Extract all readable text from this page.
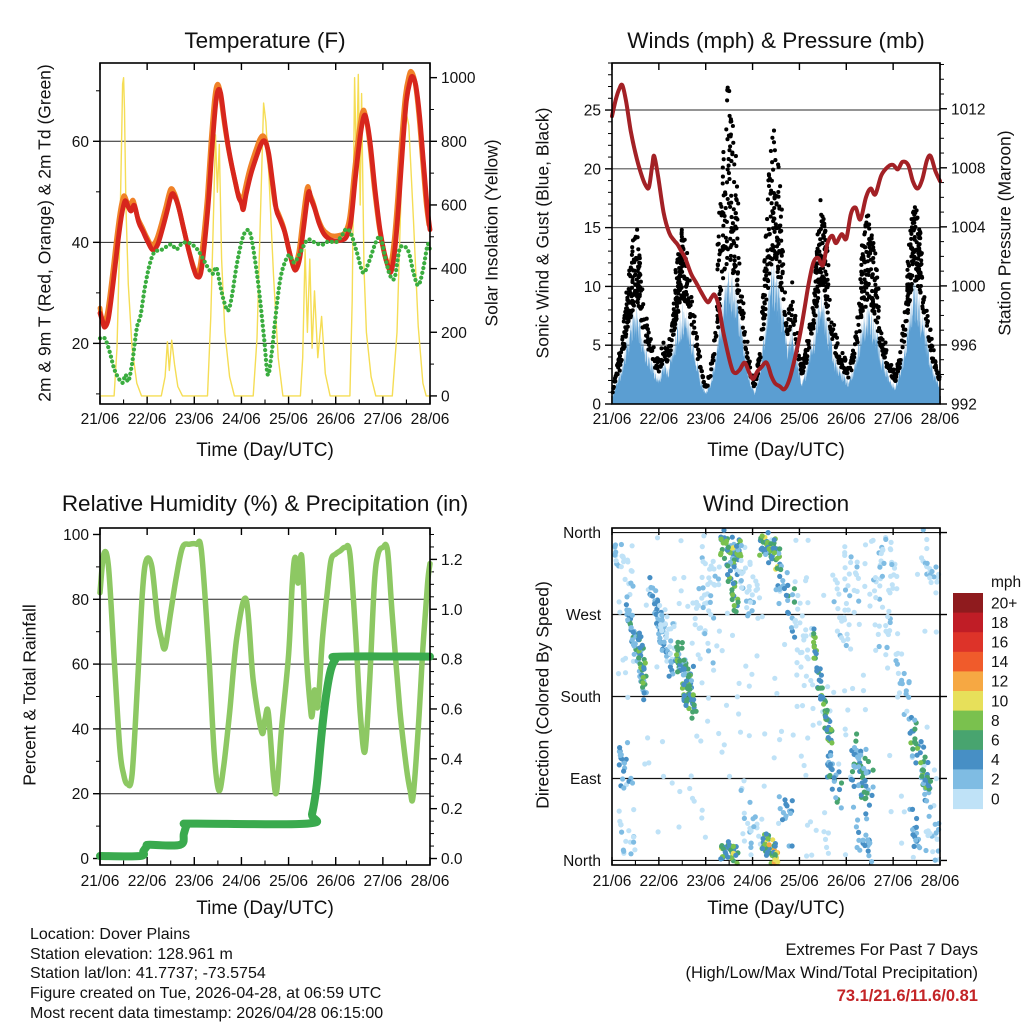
0
200
400
600
800
1000
20
40
60
21/06 22/06 23/06 24/06 25/06 26/06 27/06 28/06
992
996
1000
1004
1008
1012
0
5
10
15
20
25
21/06 22/06 23/06 24/06 25/06 26/06 27/06 28/06
0.0
0.2
0.4
0.6
0.8
1.0
1.2
0
20
40
60
80
100
21/06 22/06 23/06 24/06 25/06 26/06 27/06 28/06
North
West
South
East
North
21/06 22/06 23/06 24/06 25/06 26/06 27/06 28/06
20+
18
16
14
12
10
8
6
4
2
0
Temperature (F)	Winds (mph) & Pressure (mb)
Relative Humidity (%) & Precipitation (in)	Wind Direction
2m & 9m T (Red, Orange) & 2m Td (Green)	Solar Insolation (Yellow) Sonic Wind & Gust (Blue, Black)	Station Pressure (Maroon)
Percent & Total Rainfall	Direction (Colored By Speed)
Time (Day/UTC)	Time (Day/UTC)
Time (Day/UTC)	Time (Day/UTC)
mph
Location: Dover Plains
Station elevation: 128.961 m
Station lat/lon: 41.7737; -73.5754
Figure created on Tue, 2026-04-28, at 06:59 UTC
Most recent data timestamp: 2026/04/28 06:15:00
Extremes For Past 7 Days
(High/Low/Max Wind/Total Precipitation)
73.1/21.6/11.6/0.81
